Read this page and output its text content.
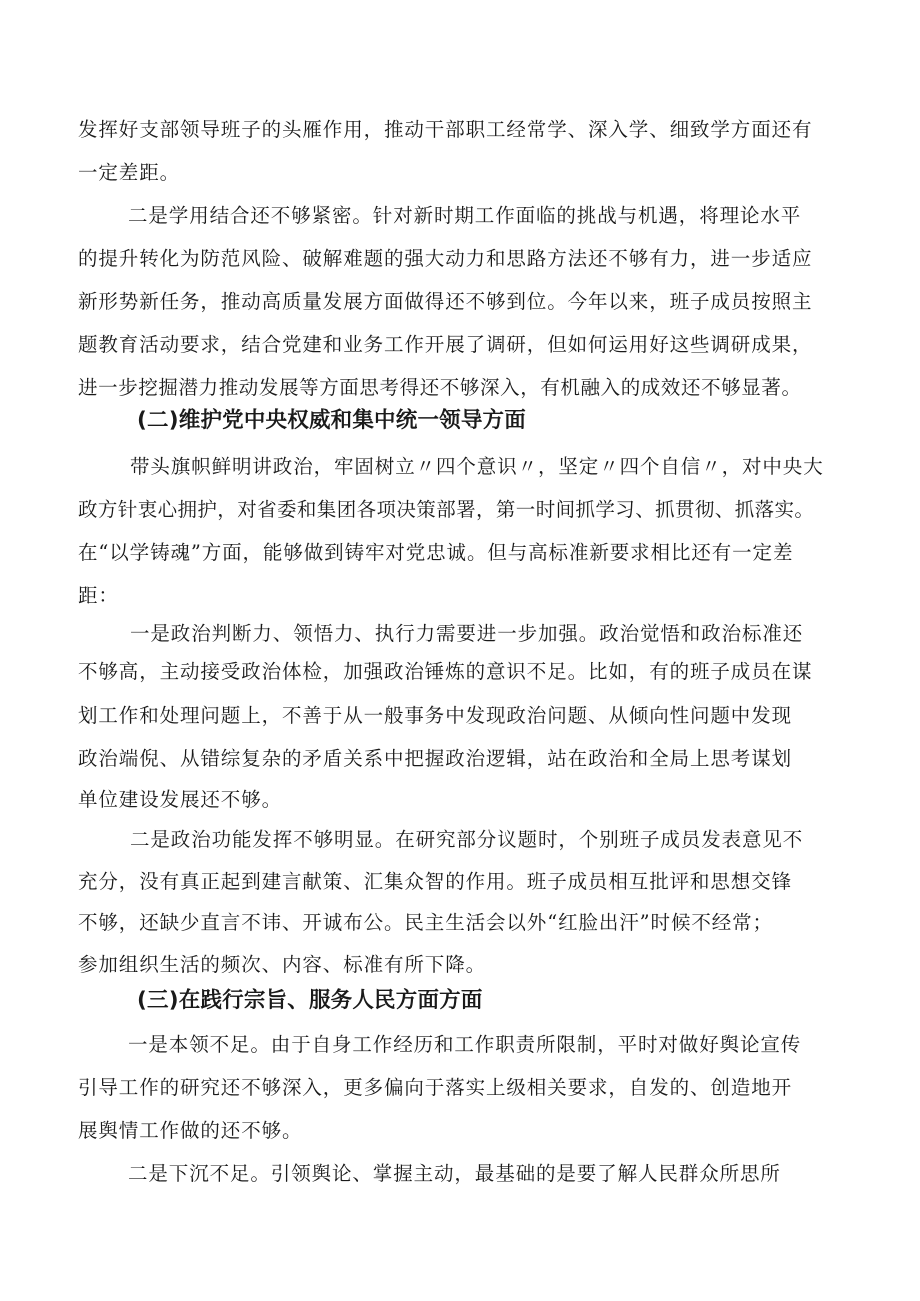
发挥好支部领导班子的头雁作用，推动干部职工经常学、深入学、细致学方面还有
一定差距。
二是学用结合还不够紧密。针对新时期工作面临的挑战与机遇，将理论水平
的提升转化为防范风险、破解难题的强大动力和思路方法还不够有力，进一步适应
新形势新任务，推动高质量发展方面做得还不够到位。今年以来，班子成员按照主
题教育活动要求，结合党建和业务工作开展了调研，但如何运用好这些调研成果，
进一步挖掘潜力推动发展等方面思考得还不够深入，有机融入的成效还不够显著。
(二)维护党中央权威和集中统一领导方面
带头旗帜鲜明讲政治，牢固树立〃四个意识〃，坚定〃四个自信〃，对中央大
政方针衷心拥护，对省委和集团各项决策部署，第一时间抓学习、抓贯彻、抓落实。
在“以学铸魂”方面，能够做到铸牢对党忠诚。但与高标准新要求相比还有一定差
距：
一是政治判断力、领悟力、执行力需要进一步加强。政治觉悟和政治标准还
不够高，主动接受政治体检，加强政治锤炼的意识不足。比如，有的班子成员在谋
划工作和处理问题上，不善于从一般事务中发现政治问题、从倾向性问题中发现
政治端倪、从错综复杂的矛盾关系中把握政治逻辑，站在政治和全局上思考谋划
单位建设发展还不够。
二是政治功能发挥不够明显。在研究部分议题时，个别班子成员发表意见不
充分，没有真正起到建言献策、汇集众智的作用。班子成员相互批评和思想交锋
不够，还缺少直言不讳、开诚布公。民主生活会以外“红脸出汗”时候不经常；
参加组织生活的频次、内容、标准有所下降。
(三)在践行宗旨、服务人民方面方面
一是本领不足。由于自身工作经历和工作职责所限制，平时对做好舆论宣传
引导工作的研究还不够深入，更多偏向于落实上级相关要求，自发的、创造地开
展舆情工作做的还不够。
二是下沉不足。引领舆论、掌握主动，最基础的是要了解人民群众所思所
